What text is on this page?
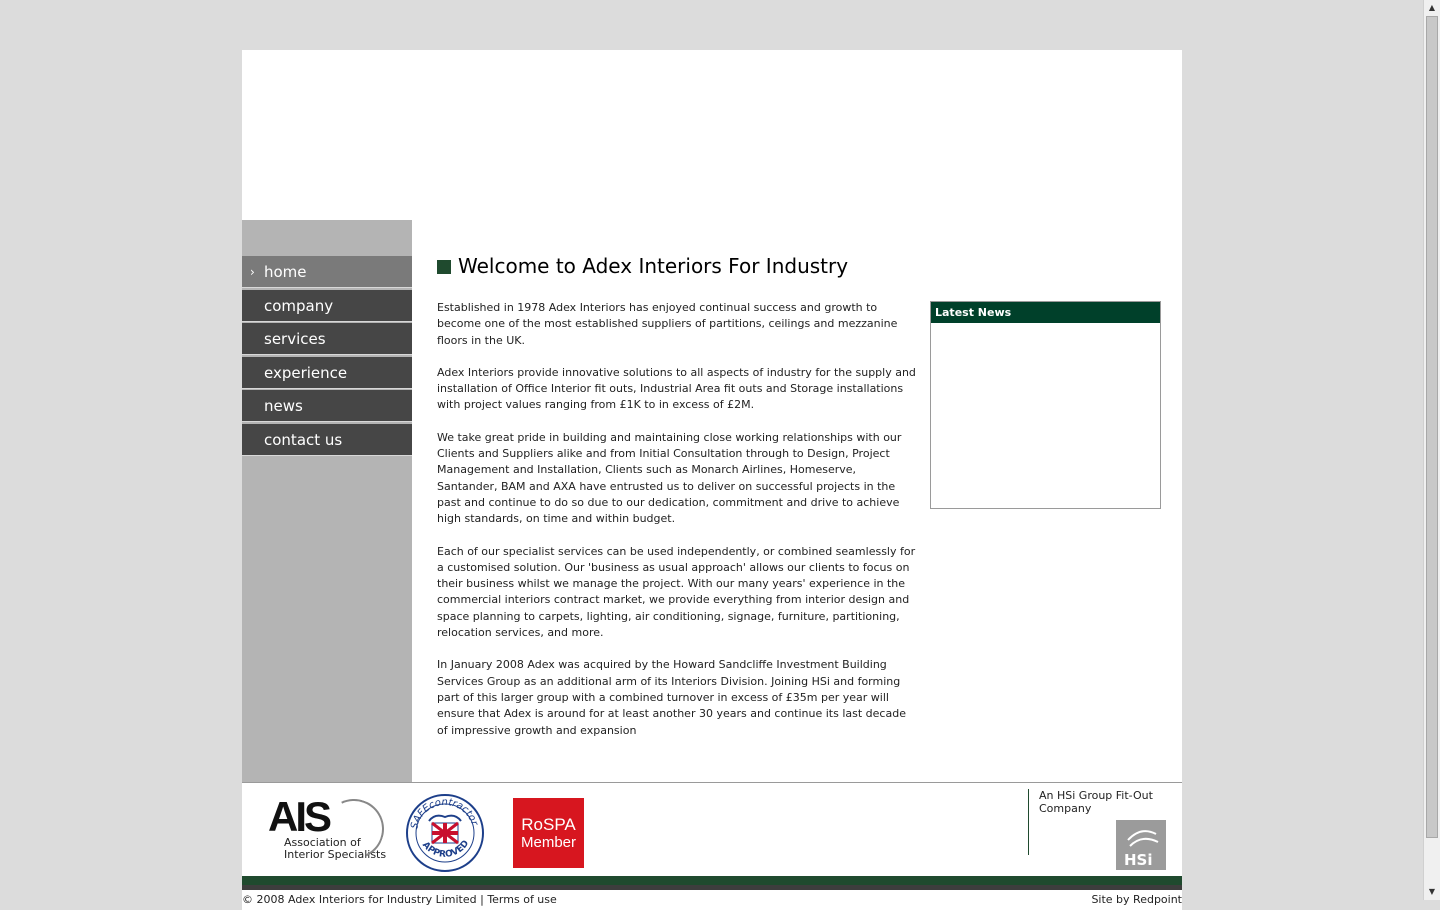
› home
company
services
experience
news
contact us
Welcome to Adex Interiors For Industry

Established in 1978 Adex Interiors has enjoyed continual success and growth to become one of the most established suppliers of partitions, ceilings and mezzanine floors in the UK.

Adex Interiors provide innovative solutions to all aspects of industry for the supply and installation of Office Interior fit outs, Industrial Area fit outs and Storage installations with project values ranging from £1K to in excess of £2M.

We take great pride in building and maintaining close working relationships with our Clients and Suppliers alike and from Initial Consultation through to Design, Project Management and Installation, Clients such as Monarch Airlines, Homeserve, Santander, BAM and AXA have entrusted us to deliver on successful projects in the past and continue to do so due to our dedication, commitment and drive to achieve high standards, on time and within budget.

Each of our specialist services can be used independently, or combined seamlessly for a customised solution. Our 'business as usual approach' allows our clients to focus on their business whilst we manage the project. With our many years' experience in the commercial interiors contract market, we provide everything from interior design and space planning to carpets, lighting, air conditioning, signage, furniture, partitioning, relocation services, and more.

In January 2008 Adex was acquired by the Howard Sandcliffe Investment Building Services Group as an additional arm of its Interiors Division. Joining HSi and forming part of this larger group with a combined turnover in excess of £35m per year will ensure that Adex is around for at least another 30 years and continue its last decade of impressive growth and expansion

Latest News
AIS
Association of
Interior Specialists
SAFEcontractor
APPROVED
RoSPA
Member
An HSi Group Fit-Out Company
HSi
© 2008 Adex Interiors for Industry Limited | Terms of use	Site by Redpoint
▲
▼
